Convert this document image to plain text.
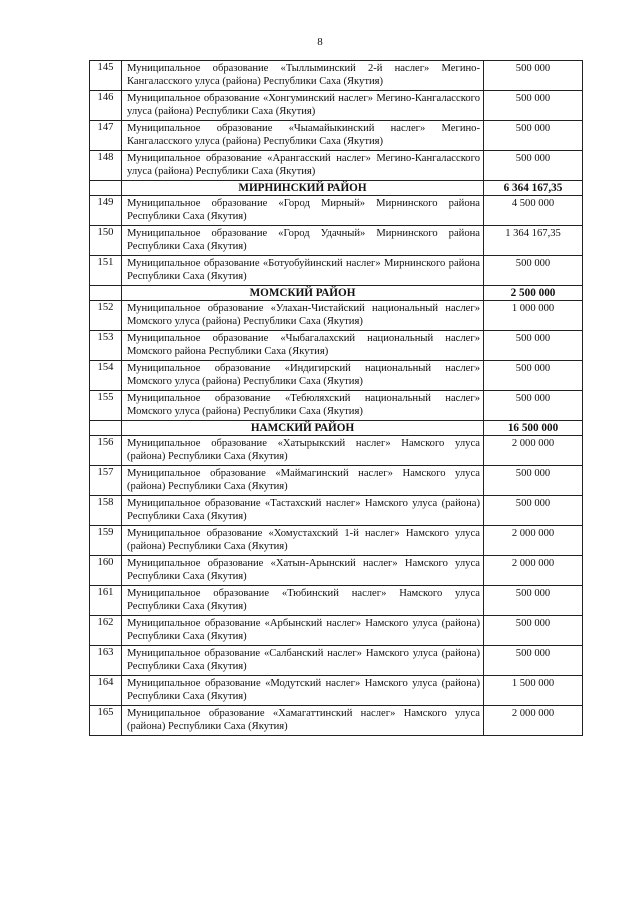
8
145	Муниципальное образование «Тыллыминский 2-й наслег» Мегино-Кангаласского улуса (района) Республики Саха (Якутия)	500 000
146	Муниципальное образование «Хонгуминский наслег» Мегино-Кангаласского улуса (района) Республики Саха (Якутия)	500 000
147	Муниципальное образование «Чыамайыкинский наслег» Мегино-Кангаласского улуса (района) Республики Саха (Якутия)	500 000
148	Муниципальное образование «Арангасский наслег» Мегино-Кангаласского улуса (района) Республики Саха (Якутия)	500 000
	МИРНИНСКИЙ РАЙОН	6 364 167,35
149	Муниципальное образование «Город Мирный» Мирнинского района Республики Саха (Якутия)	4 500 000
150	Муниципальное образование «Город Удачный» Мирнинского района Республики Саха (Якутия)	1 364 167,35
151	Муниципальное образование «Ботуобуйинский наслег» Мирнинского района Республики Саха (Якутия)	500 000
	МОМСКИЙ РАЙОН	2 500 000
152	Муниципальное образование «Улахан-Чистайский национальный наслег» Момского улуса (района) Республики Саха (Якутия)	1 000 000
153	Муниципальное образование «Чыбагалахский национальный наслег» Момского района Республики Саха (Якутия)	500 000
154	Муниципальное образование «Индигирский национальный наслег» Момского улуса (района) Республики Саха (Якутия)	500 000
155	Муниципальное образование «Тебюляхский национальный наслег» Момского улуса (района) Республики Саха (Якутия)	500 000
	НАМСКИЙ РАЙОН	16 500 000
156	Муниципальное образование «Хатырыкский наслег» Намского улуса (района) Республики Саха (Якутия)	2 000 000
157	Муниципальное образование «Маймагинский наслег» Намского улуса (района) Республики Саха (Якутия)	500 000
158	Муниципальное образование «Тастахский наслег» Намского улуса (района) Республики Саха (Якутия)	500 000
159	Муниципальное образование «Хомустахский 1-й наслег» Намского улуса (района) Республики Саха (Якутия)	2 000 000
160	Муниципальное образование «Хатын-Арынский наслег» Намского улуса Республики Саха (Якутия)	2 000 000
161	Муниципальное образование «Тюбинский наслег» Намского улуса Республики Саха (Якутия)	500 000
162	Муниципальное образование «Арбынский наслег» Намского улуса (района) Республики Саха (Якутия)	500 000
163	Муниципальное образование «Салбанский наслег» Намского улуса (района) Республики Саха (Якутия)	500 000
164	Муниципальное образование «Модутский наслег» Намского улуса (района) Республики Саха (Якутия)	1 500 000
165	Муниципальное образование «Хамагаттинский наслег» Намского улуса (района) Республики Саха (Якутия)	2 000 000
